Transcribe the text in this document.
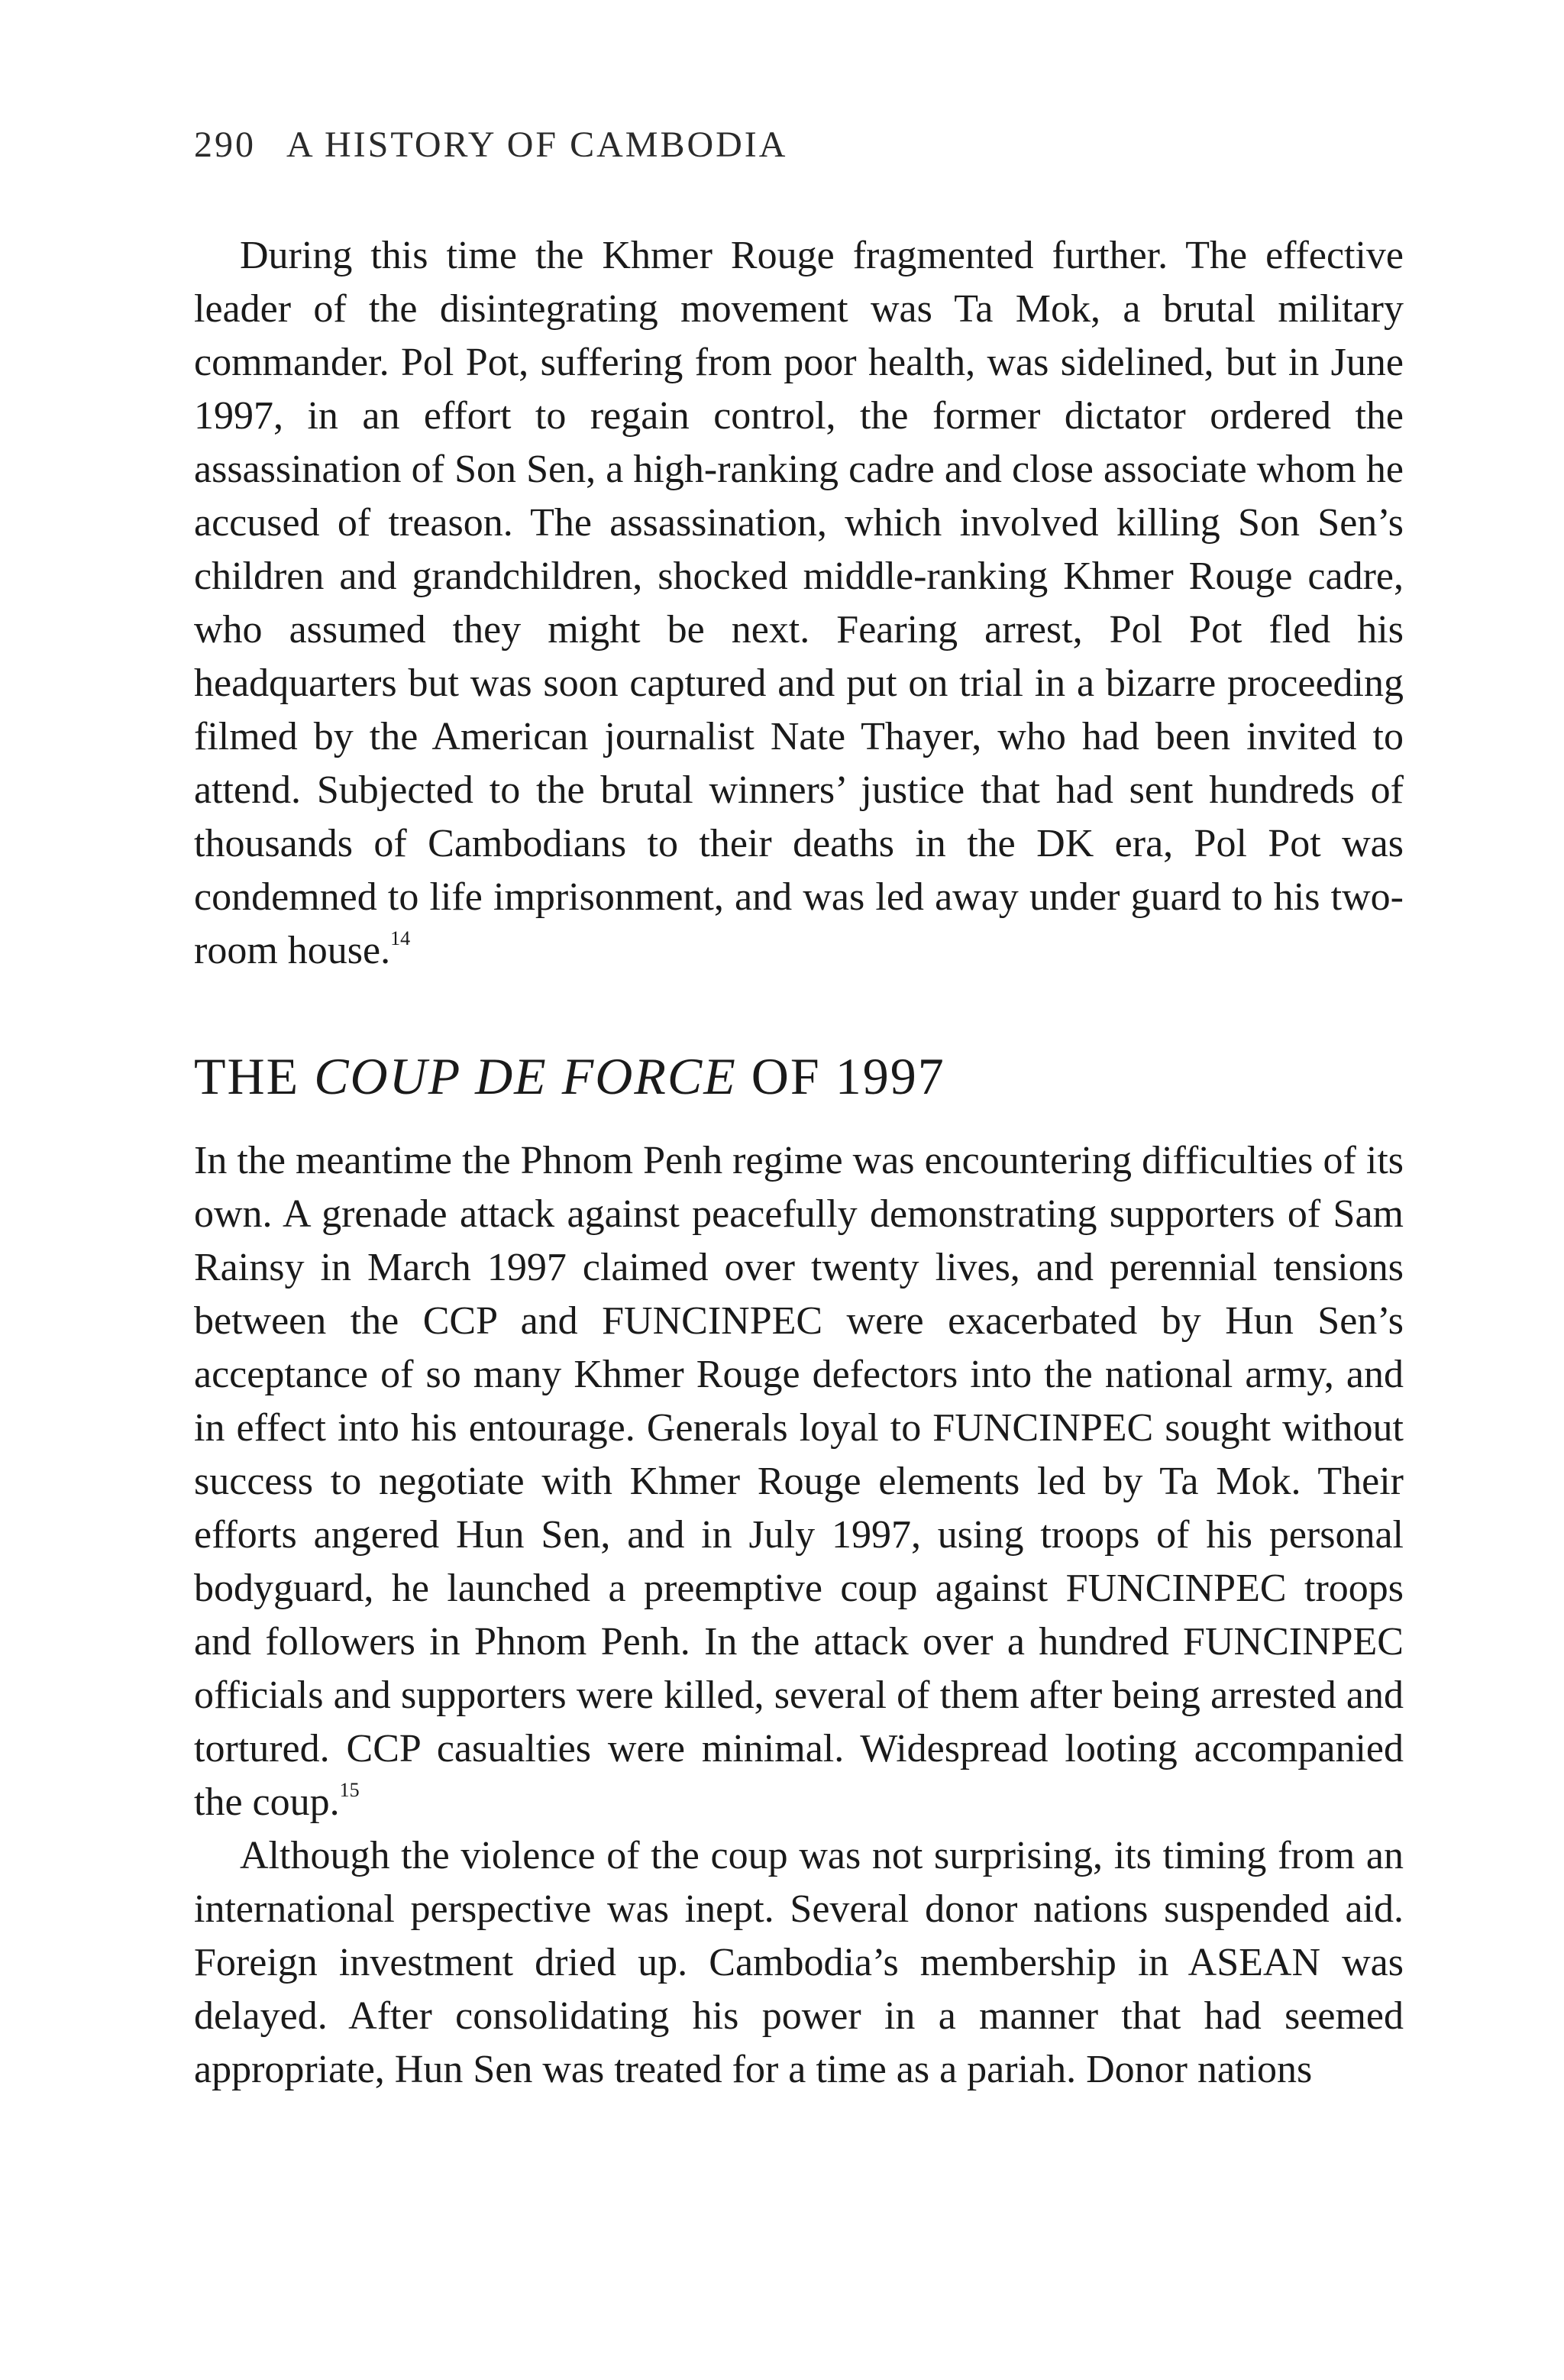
290 A HISTORY OF CAMBODIA

During this time the Khmer Rouge fragmented further. The effective leader of the disintegrating movement was Ta Mok, a brutal military commander. Pol Pot, suffering from poor health, was sidelined, but in June 1997, in an effort to regain control, the former dictator ordered the assassination of Son Sen, a high-ranking cadre and close associate whom he accused of treason. The assassination, which involved killing Son Sen’s children and grandchildren, shocked middle-ranking Khmer Rouge cadre, who assumed they might be next. Fearing arrest, Pol Pot fled his headquarters but was soon captured and put on trial in a bizarre proceeding filmed by the American journalist Nate Thayer, who had been invited to attend. Subjected to the brutal winners’ justice that had sent hundreds of thousands of Cambodians to their deaths in the DK era, Pol Pot was condemned to life imprisonment, and was led away under guard to his two-room house.$^{14}$

THE COUP DE FORCE OF 1997

In the meantime the Phnom Penh regime was encountering difficulties of its own. A grenade attack against peacefully demonstrating supporters of Sam Rainsy in March 1997 claimed over twenty lives, and perennial tensions between the CCP and FUNCINPEC were exacerbated by Hun Sen’s acceptance of so many Khmer Rouge defectors into the national army, and in effect into his entourage. Generals loyal to FUNCINPEC sought without success to negotiate with Khmer Rouge elements led by Ta Mok. Their efforts angered Hun Sen, and in July 1997, using troops of his personal bodyguard, he launched a preemptive coup against FUNCINPEC troops and followers in Phnom Penh. In the attack over a hundred FUNCINPEC officials and supporters were killed, several of them after being arrested and tortured. CCP casualties were minimal. Widespread looting accompanied the coup.$^{15}$

Although the violence of the coup was not surprising, its timing from an international perspective was inept. Several donor nations suspended aid. Foreign investment dried up. Cambodia’s membership in ASEAN was delayed. After consolidating his power in a manner that had seemed appropriate, Hun Sen was treated for a time as a pariah. Donor nations
